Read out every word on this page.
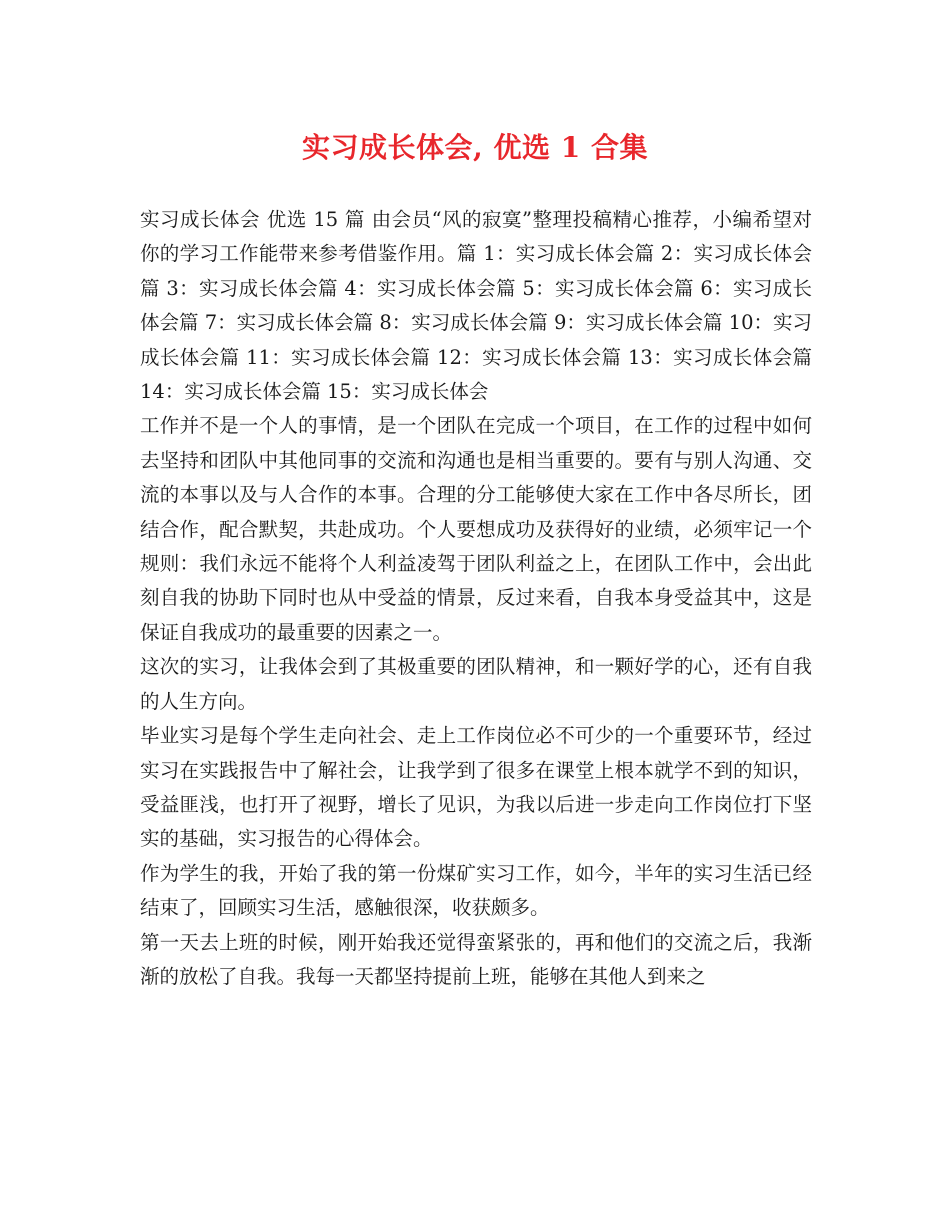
实习成长体会, 优选 1 合集

实习成长体会 优选 15 篇 由会员“风的寂寞”整理投稿精心推荐，小编希望对你的学习工作能带来参考借鉴作用。篇 1：实习成长体会篇 2：实习成长体会篇 3：实习成长体会篇 4：实习成长体会篇 5：实习成长体会篇 6：实习成长体会篇 7：实习成长体会篇 8：实习成长体会篇 9：实习成长体会篇 10：实习成长体会篇 11：实习成长体会篇 12：实习成长体会篇 13：实习成长体会篇 14：实习成长体会篇 15：实习成长体会

工作并不是一个人的事情，是一个团队在完成一个项目，在工作的过程中如何去坚持和团队中其他同事的交流和沟通也是相当重要的。要有与别人沟通、交流的本事以及与人合作的本事。合理的分工能够使大家在工作中各尽所长，团结合作，配合默契，共赴成功。个人要想成功及获得好的业绩，必须牢记一个规则：我们永远不能将个人利益凌驾于团队利益之上，在团队工作中，会出此刻自我的协助下同时也从中受益的情景，反过来看，自我本身受益其中，这是保证自我成功的最重要的因素之一。

这次的实习，让我体会到了其极重要的团队精神，和一颗好学的心，还有自我的人生方向。

毕业实习是每个学生走向社会、走上工作岗位必不可少的一个重要环节，经过实习在实践报告中了解社会，让我学到了很多在课堂上根本就学不到的知识，受益匪浅，也打开了视野，增长了见识，为我以后进一步走向工作岗位打下坚实的基础，实习报告的心得体会。

作为学生的我，开始了我的第一份煤矿实习工作，如今，半年的实习生活已经结束了，回顾实习生活，感触很深，收获颇多。

第一天去上班的时候，刚开始我还觉得蛮紧张的，再和他们的交流之后，我渐渐的放松了自我。我每一天都坚持提前上班，能够在其他人到来之
